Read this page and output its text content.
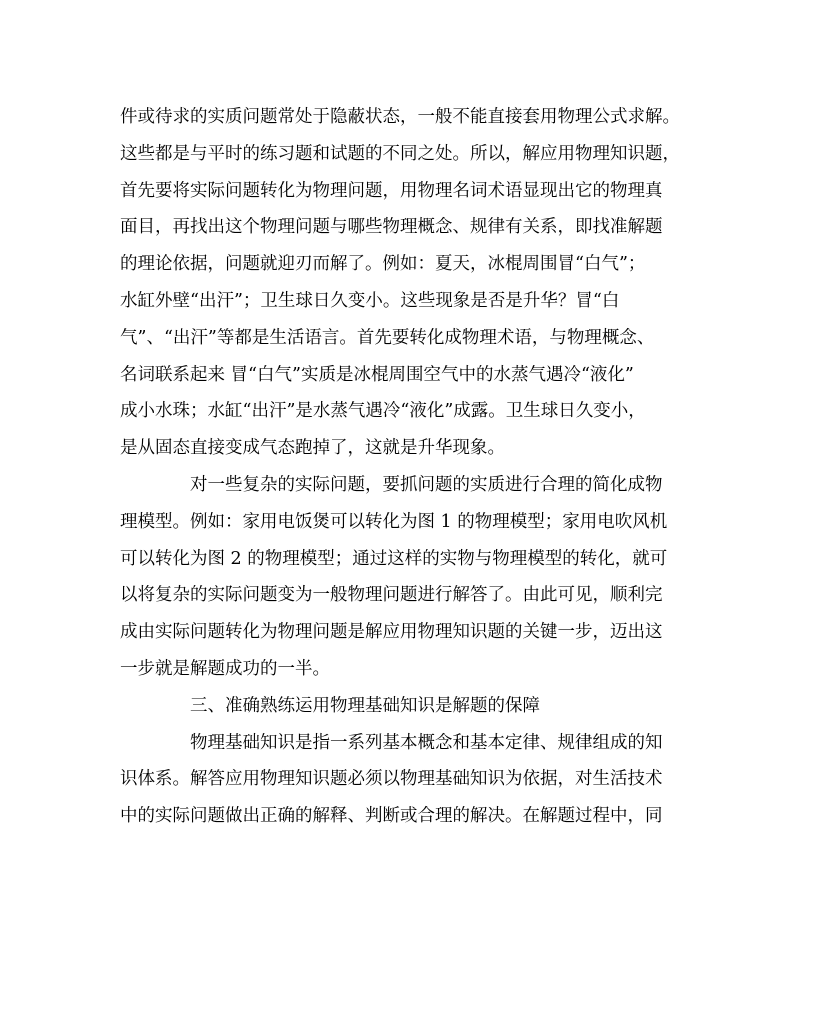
件或待求的实质问题常处于隐蔽状态，一般不能直接套用物理公式求解。
这些都是与平时的练习题和试题的不同之处。所以，解应用物理知识题，
首先要将实际问题转化为物理问题，用物理名词术语显现出它的物理真
面目，再找出这个物理问题与哪些物理概念、规律有关系，即找准解题
的理论依据，问题就迎刃而解了。例如：夏天，冰棍周围冒“白气”；
水缸外壁“出汗”；卫生球日久变小。这些现象是否是升华？冒“白
气”、“出汗”等都是生活语言。首先要转化成物理术语，与物理概念、
名词联系起来 冒“白气”实质是冰棍周围空气中的水蒸气遇冷“液化”
成小水珠；水缸“出汗”是水蒸气遇冷“液化”成露。卫生球日久变小，
是从固态直接变成气态跑掉了，这就是升华现象。

对一些复杂的实际问题，要抓问题的实质进行合理的简化成物
理模型。例如：家用电饭煲可以转化为图 1 的物理模型；家用电吹风机
可以转化为图 2 的物理模型；通过这样的实物与物理模型的转化，就可
以将复杂的实际问题变为一般物理问题进行解答了。由此可见，顺利完
成由实际问题转化为物理问题是解应用物理知识题的关键一步，迈出这
一步就是解题成功的一半。

三、准确熟练运用物理基础知识是解题的保障

物理基础知识是指一系列基本概念和基本定律、规律组成的知
识体系。解答应用物理知识题必须以物理基础知识为依据，对生活技术
中的实际问题做出正确的解释、判断或合理的解决。在解题过程中，同
